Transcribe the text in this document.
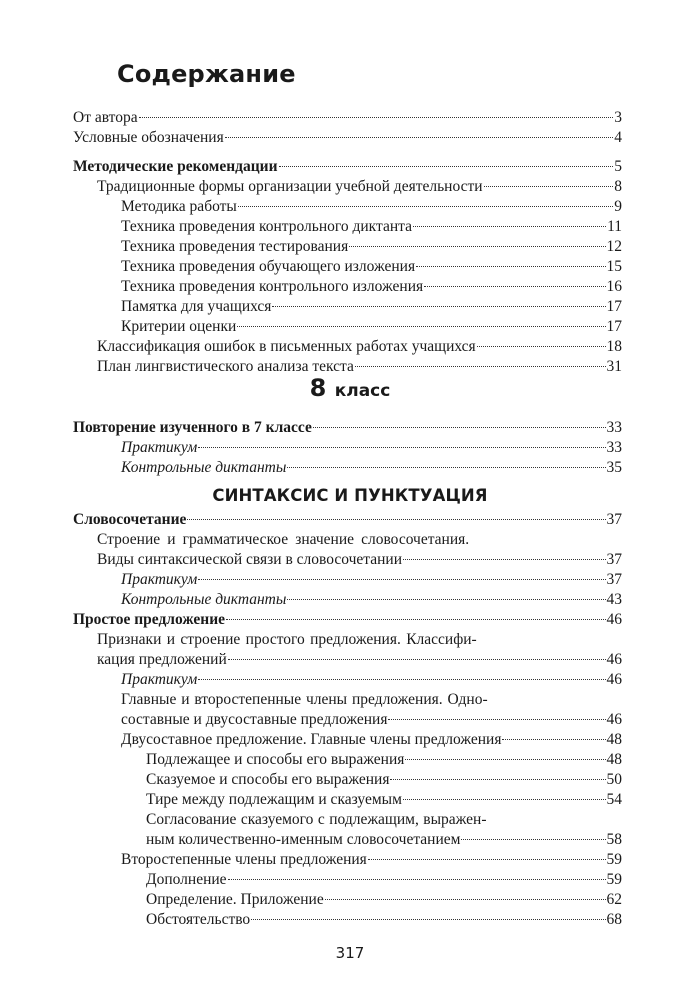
Содержание
От автора	3
Условные обозначения	4
Методические рекомендации	5
Традиционные формы организации учебной деятельности	8
Методика работы	9
Техника проведения контрольного диктанта	11
Техника проведения тестирования	12
Техника проведения обучающего изложения	15
Техника проведения контрольного изложения	16
Памятка для учащихся	17
Критерии оценки	17
Классификация ошибок в письменных работах учащихся	18
План лингвистического анализа текста	31
8 класс
Повторение изученного в 7 классе	33
Практикум	33
Контрольные диктанты	35
СИНТАКСИС И ПУНКТУАЦИЯ
Словосочетание	37
Строение и грамматическое значение словосочетания.
Виды синтаксической связи в словосочетании	37
Практикум	37
Контрольные диктанты	43
Простое предложение	46
Признаки и строение простого предложения. Классифи-
кация предложений	46
Практикум	46
Главные и второстепенные члены предложения. Одно-
составные и двусоставные предложения	46
Двусоставное предложение. Главные члены предложения	48
Подлежащее и способы его выражения	48
Сказуемое и способы его выражения	50
Тире между подлежащим и сказуемым	54
Согласование сказуемого с подлежащим, выражен-
ным количественно-именным словосочетанием	58
Второстепенные члены предложения	59
Дополнение	59
Определение. Приложение	62
Обстоятельство	68
317
